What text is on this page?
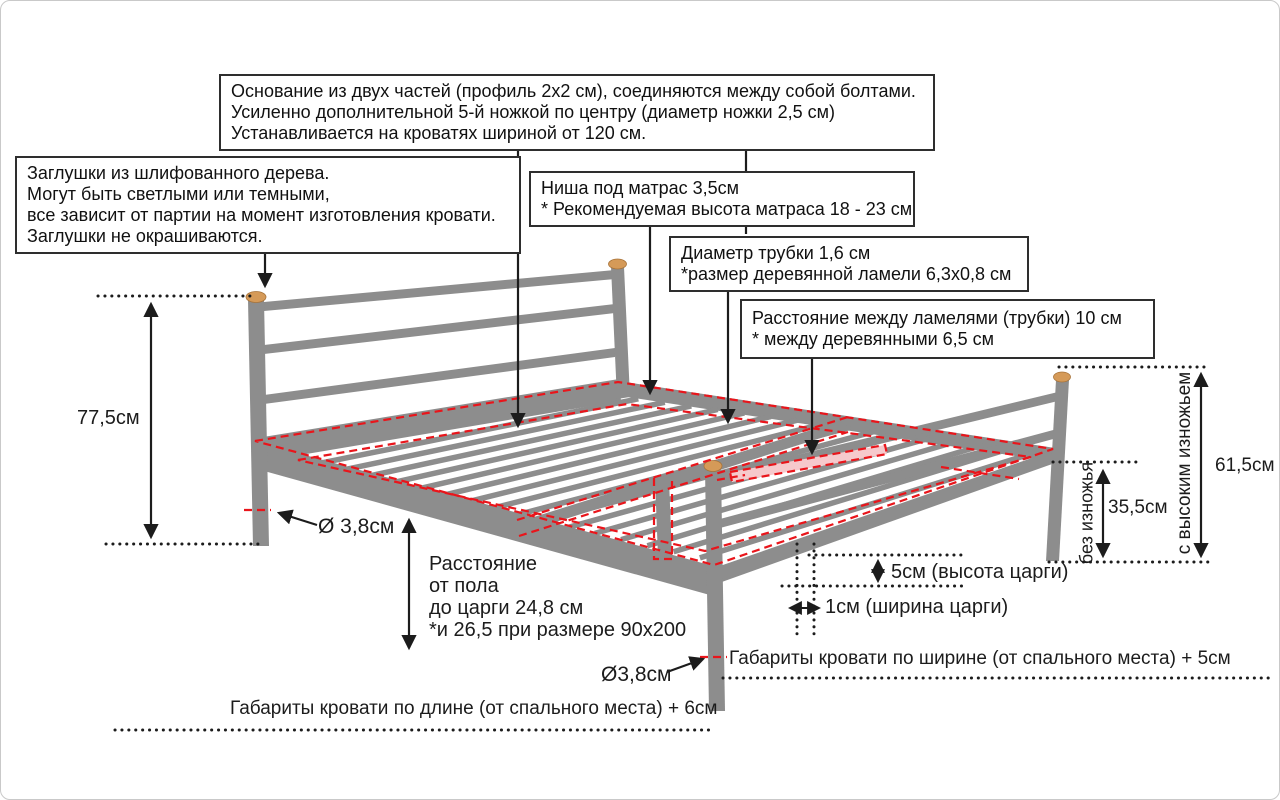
Основание из двух частей (профиль 2х2 см), соединяются между собой болтами.
Усиленно дополнительной 5-й ножкой по центру (диаметр ножки 2,5 см)
Устанавливается на кроватях шириной от 120 см.
Заглушки из шлифованного дерева.
Могут быть светлыми или темными,
все зависит от партии на момент изготовления кровати.
Заглушки не окрашиваются.
Ниша под матрас 3,5см
* Рекомендуемая высота матраса 18 - 23 см
Диаметр трубки 1,6 см
*размер деревянной ламели 6,3х0,8 см
Расстояние между ламелями (трубки) 10 см
* между деревянными 6,5 см
77,5см
Ø 3,8см
Расстояние
от пола
до царги 24,8 см
*и 26,5 при размере 90х200
5см (высота царги)
1см (ширина царги)
Ø3,8см
Габариты кровати по ширине (от спального места) + 5см
Габариты кровати по длине (от спального места) + 6см
35,5см
61,5см
без изножья	с высоким изножьем
